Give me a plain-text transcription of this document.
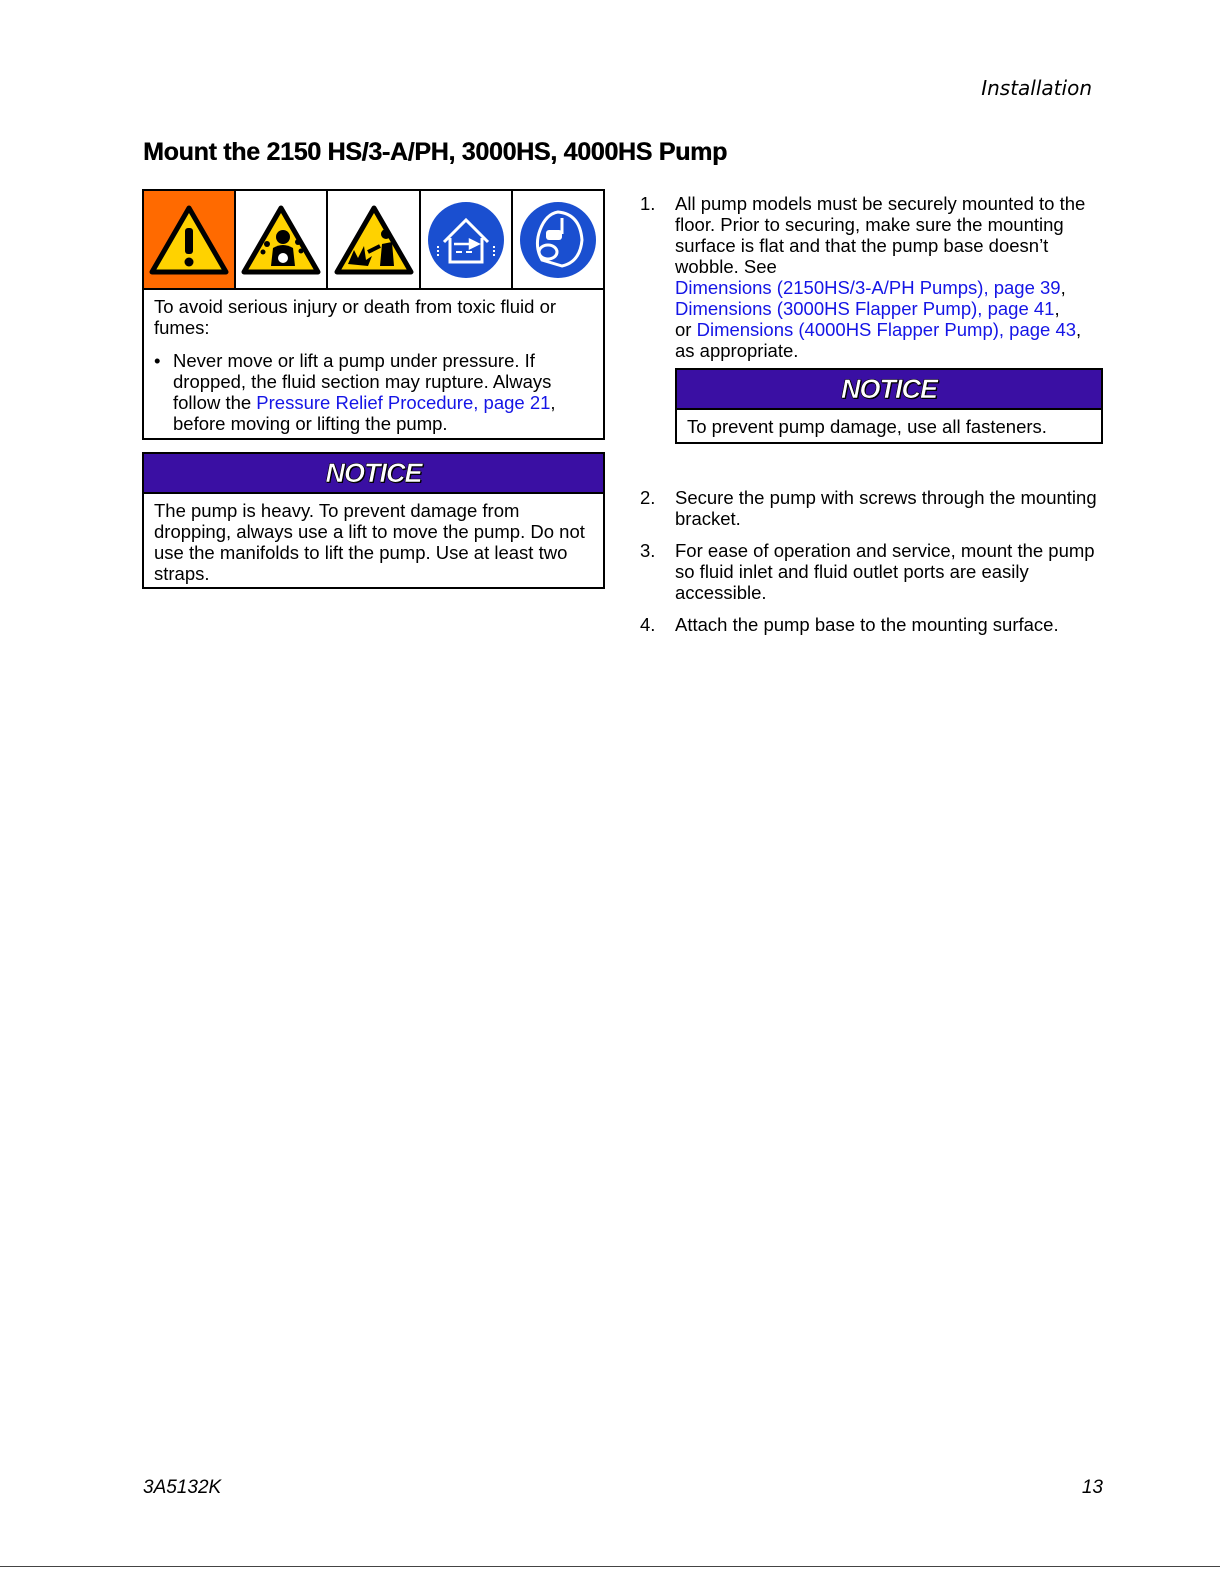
Installation
Mount the 2150 HS/3-A/PH, 3000HS, 4000HS Pump

To avoid serious injury or death from toxic fluid or fumes:

• Never move or lift a pump under pressure. If dropped, the fluid section may rupture. Always follow the Pressure Relief Procedure, page 21, before moving or lifting the pump.
NOTICE
The pump is heavy. To prevent damage from dropping, always use a lift to move the pump. Do not use the manifolds to lift the pump. Use at least two straps.
1.	All pump models must be securely mounted to the floor. Prior to securing, make sure the mounting surface is flat and that the pump base doesn’t wobble. See
Dimensions (2150HS/3-A/PH Pumps), page 39,
Dimensions (3000HS Flapper Pump), page 41,
or Dimensions (4000HS Flapper Pump), page 43,
as appropriate.
NOTICE
To prevent pump damage, use all fasteners.
2.	Secure the pump with screws through the mounting bracket.
3.	For ease of operation and service, mount the pump so fluid inlet and fluid outlet ports are easily accessible.
4.	Attach the pump base to the mounting surface.
3A5132K	13
